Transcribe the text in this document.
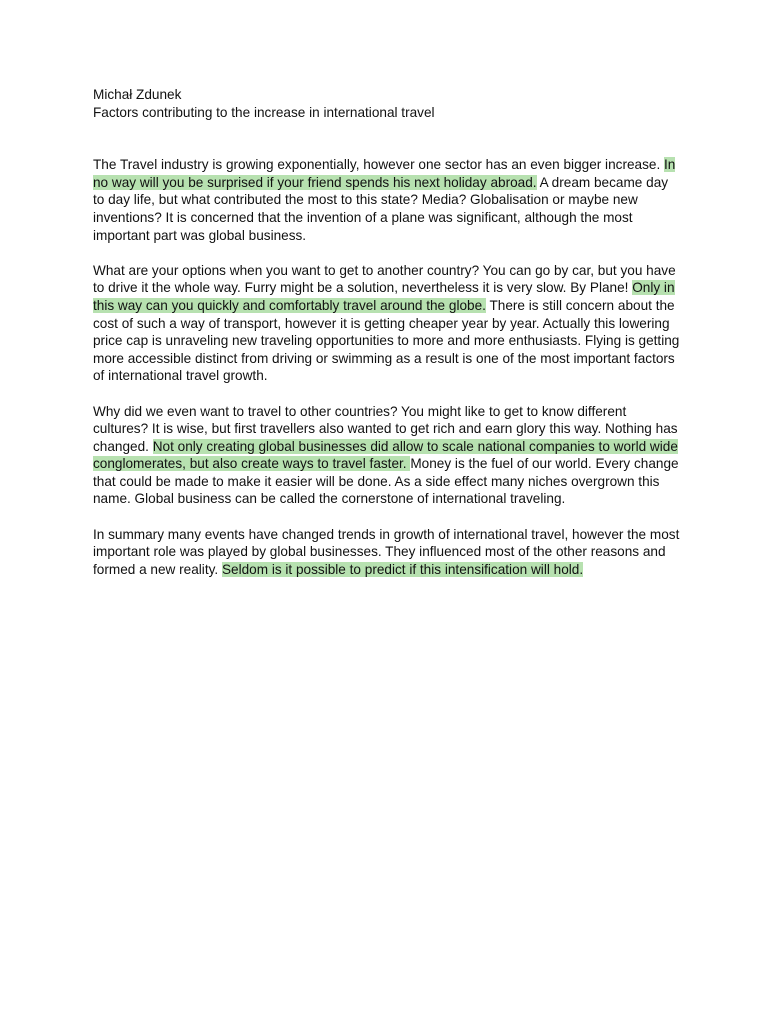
Michał Zdunek
Factors contributing to the increase in international travel

The Travel industry is growing exponentially, however one sector has an even bigger increase. In no way will you be surprised if your friend spends his next holiday abroad. A dream became day to day life, but what contributed the most to this state? Media? Globalisation or maybe new inventions? It is concerned that the invention of a plane was significant, although the most important part was global business.

What are your options when you want to get to another country? You can go by car, but you have to drive it the whole way. Furry might be a solution, nevertheless it is very slow. By Plane! Only in this way can you quickly and comfortably travel around the globe. There is still concern about the cost of such a way of transport, however it is getting cheaper year by year. Actually this lowering price cap is unraveling new traveling opportunities to more and more enthusiasts. Flying is getting more accessible distinct from driving or swimming as a result is one of the most important factors of international travel growth.

Why did we even want to travel to other countries? You might like to get to know different cultures? It is wise, but first travellers also wanted to get rich and earn glory this way. Nothing has changed. Not only creating global businesses did allow to scale national companies to world wide conglomerates, but also create ways to travel faster. Money is the fuel of our world. Every change that could be made to make it easier will be done. As a side effect many niches overgrown this name. Global business can be called the cornerstone of international traveling.

In summary many events have changed trends in growth of international travel, however the most important role was played by global businesses. They influenced most of the other reasons and formed a new reality. Seldom is it possible to predict if this intensification will hold.
